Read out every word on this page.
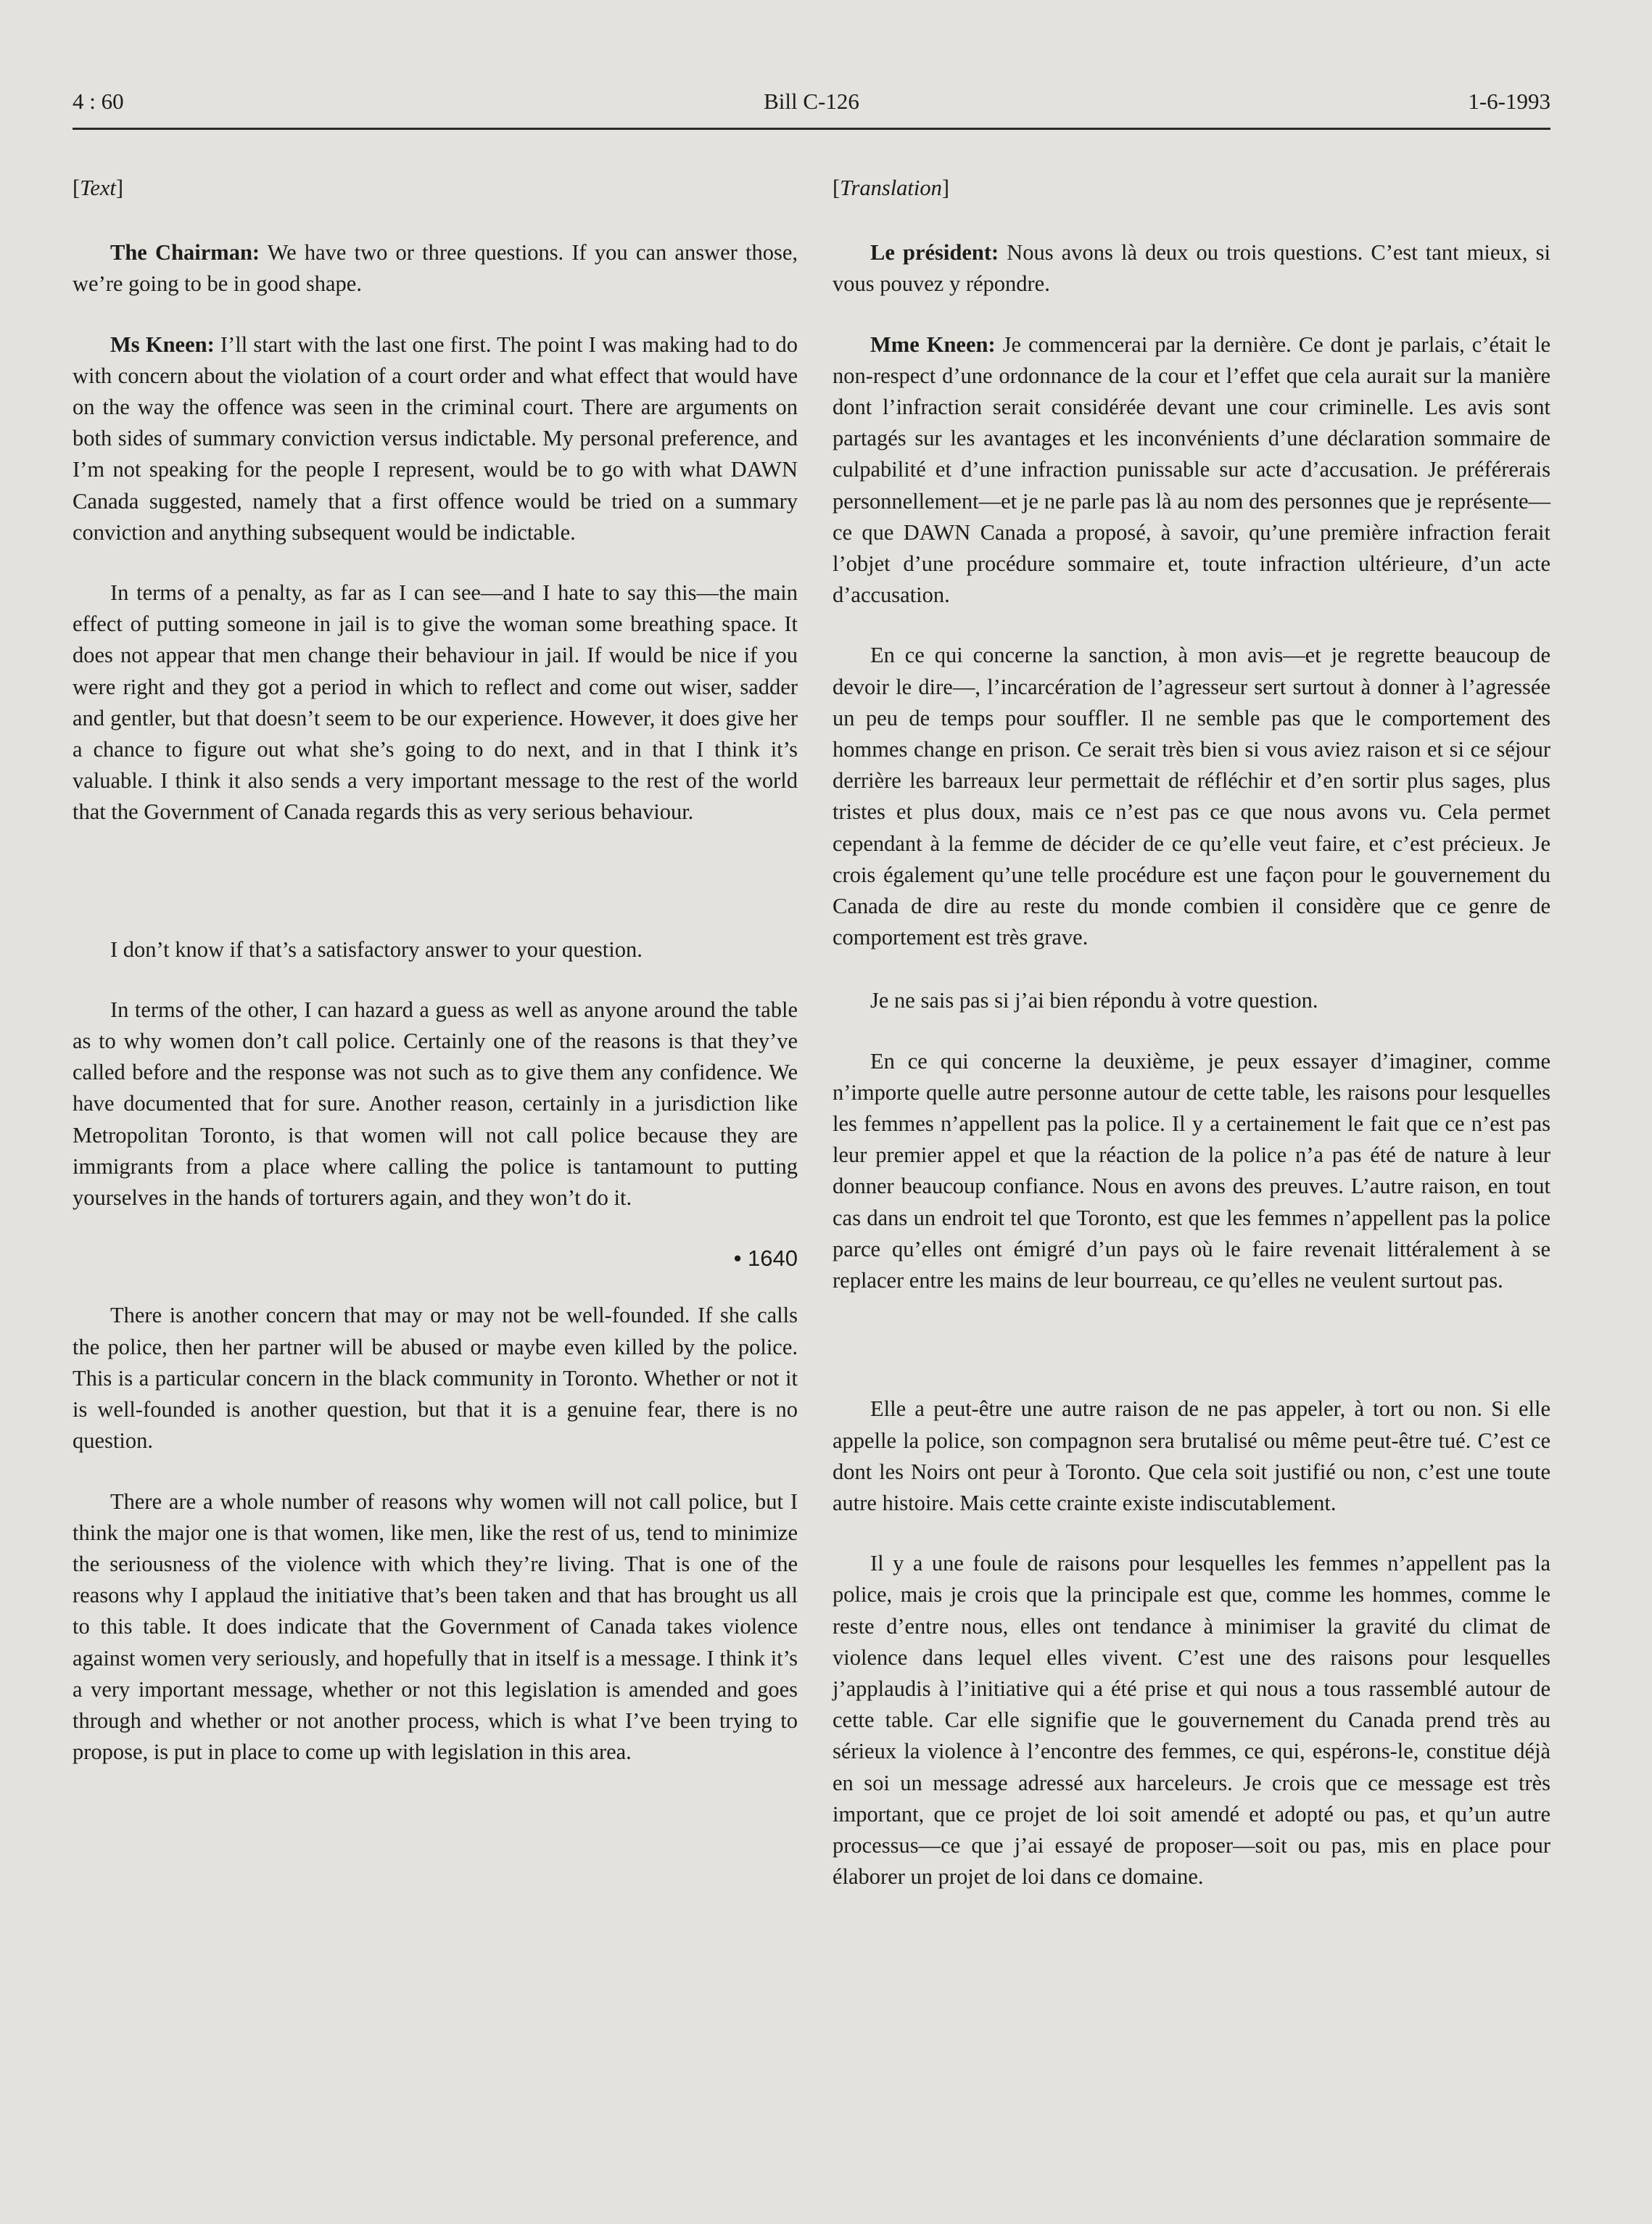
4 : 60	Bill C-126	1-6-1993
[Text]

The Chairman: We have two or three questions. If you can answer those, we’re going to be in good shape.

Ms Kneen: I’ll start with the last one first. The point I was making had to do with concern about the violation of a court order and what effect that would have on the way the offence was seen in the criminal court. There are arguments on both sides of summary conviction versus indictable. My personal preference, and I’m not speaking for the people I represent, would be to go with what DAWN Canada suggested, namely that a first offence would be tried on a summary conviction and anything subsequent would be indictable.

In terms of a penalty, as far as I can see—and I hate to say this—the main effect of putting someone in jail is to give the woman some breathing space. It does not appear that men change their behaviour in jail. If would be nice if you were right and they got a period in which to reflect and come out wiser, sadder and gentler, but that doesn’t seem to be our experience. However, it does give her a chance to figure out what she’s going to do next, and in that I think it’s valuable. I think it also sends a very important message to the rest of the world that the Government of Canada regards this as very serious behaviour.

I don’t know if that’s a satisfactory answer to your question.

In terms of the other, I can hazard a guess as well as anyone around the table as to why women don’t call police. Certainly one of the reasons is that they’ve called before and the response was not such as to give them any confidence. We have documented that for sure. Another reason, certainly in a jurisdiction like Metropolitan Toronto, is that women will not call police because they are immigrants from a place where calling the police is tantamount to putting yourselves in the hands of torturers again, and they won’t do it.

• 1640

There is another concern that may or may not be well-founded. If she calls the police, then her partner will be abused or maybe even killed by the police. This is a particular concern in the black community in Toronto. Whether or not it is well-founded is another question, but that it is a genuine fear, there is no question.

There are a whole number of reasons why women will not call police, but I think the major one is that women, like men, like the rest of us, tend to minimize the seriousness of the violence with which they’re living. That is one of the reasons why I applaud the initiative that’s been taken and that has brought us all to this table. It does indicate that the Government of Canada takes violence against women very seriously, and hopefully that in itself is a message. I think it’s a very important message, whether or not this legislation is amended and goes through and whether or not another process, which is what I’ve been trying to propose, is put in place to come up with legislation in this area.

[Translation]

Le président: Nous avons là deux ou trois questions. C’est tant mieux, si vous pouvez y répondre.

Mme Kneen: Je commencerai par la dernière. Ce dont je parlais, c’était le non-respect d’une ordonnance de la cour et l’effet que cela aurait sur la manière dont l’infraction serait considérée devant une cour criminelle. Les avis sont partagés sur les avantages et les inconvénients d’une déclaration sommaire de culpabilité et d’une infraction punissable sur acte d’accusation. Je préférerais personnellement—et je ne parle pas là au nom des personnes que je représente—ce que DAWN Canada a proposé, à savoir, qu’une première infraction ferait l’objet d’une procédure sommaire et, toute infraction ultérieure, d’un acte d’accusation.

En ce qui concerne la sanction, à mon avis—et je regrette beaucoup de devoir le dire—, l’incarcération de l’agresseur sert surtout à donner à l’agressée un peu de temps pour souffler. Il ne semble pas que le comportement des hommes change en prison. Ce serait très bien si vous aviez raison et si ce séjour derrière les barreaux leur permettait de réfléchir et d’en sortir plus sages, plus tristes et plus doux, mais ce n’est pas ce que nous avons vu. Cela permet cependant à la femme de décider de ce qu’elle veut faire, et c’est précieux. Je crois également qu’une telle procédure est une façon pour le gouvernement du Canada de dire au reste du monde combien il considère que ce genre de comportement est très grave.

Je ne sais pas si j’ai bien répondu à votre question.

En ce qui concerne la deuxième, je peux essayer d’imaginer, comme n’importe quelle autre personne autour de cette table, les raisons pour lesquelles les femmes n’appellent pas la police. Il y a certainement le fait que ce n’est pas leur premier appel et que la réaction de la police n’a pas été de nature à leur donner beaucoup confiance. Nous en avons des preuves. L’autre raison, en tout cas dans un endroit tel que Toronto, est que les femmes n’appellent pas la police parce qu’elles ont émigré d’un pays où le faire revenait littéralement à se replacer entre les mains de leur bourreau, ce qu’elles ne veulent surtout pas.

Elle a peut-être une autre raison de ne pas appeler, à tort ou non. Si elle appelle la police, son compagnon sera brutalisé ou même peut-être tué. C’est ce dont les Noirs ont peur à Toronto. Que cela soit justifié ou non, c’est une toute autre histoire. Mais cette crainte existe indiscutablement.

Il y a une foule de raisons pour lesquelles les femmes n’appellent pas la police, mais je crois que la principale est que, comme les hommes, comme le reste d’entre nous, elles ont tendance à minimiser la gravité du climat de violence dans lequel elles vivent. C’est une des raisons pour lesquelles j’applaudis à l’initiative qui a été prise et qui nous a tous rassemblé autour de cette table. Car elle signifie que le gouvernement du Canada prend très au sérieux la violence à l’encontre des femmes, ce qui, espérons-le, constitue déjà en soi un message adressé aux harceleurs. Je crois que ce message est très important, que ce projet de loi soit amendé et adopté ou pas, et qu’un autre processus—ce que j’ai essayé de proposer—soit ou pas, mis en place pour élaborer un projet de loi dans ce domaine.
